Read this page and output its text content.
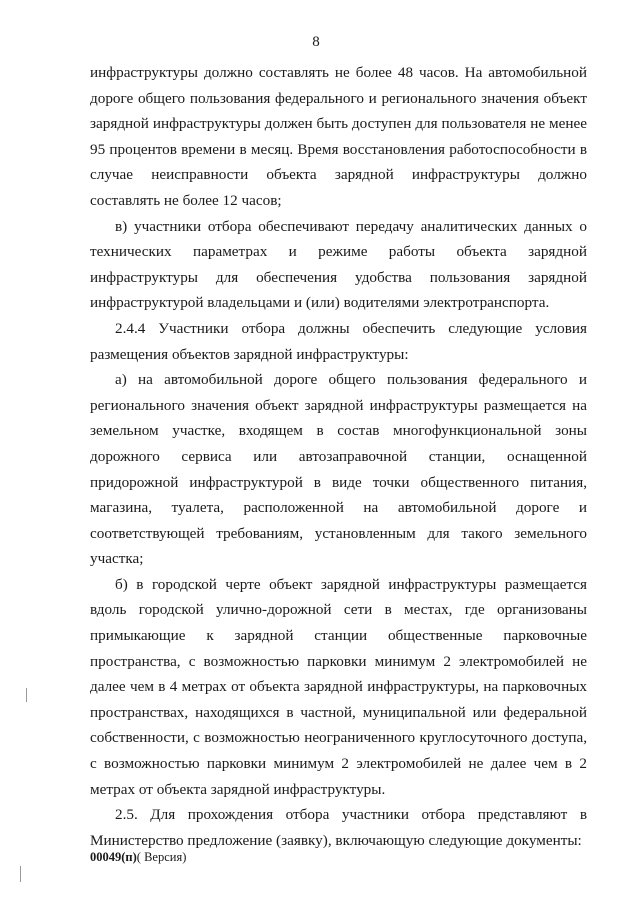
8

инфраструктуры должно составлять не более 48 часов. На автомобильной дороге общего пользования федерального и регионального значения объект зарядной инфраструктуры должен быть доступен для пользователя не менее 95 процентов времени в месяц. Время восстановления работоспособности в случае неисправности объекта зарядной инфраструктуры должно составлять не более 12 часов;

в) участники отбора обеспечивают передачу аналитических данных о технических параметрах и режиме работы объекта зарядной инфраструктуры для обеспечения удобства пользования зарядной инфраструктурой владельцами и (или) водителями электротранспорта.

2.4.4 Участники отбора должны обеспечить следующие условия размещения объектов зарядной инфраструктуры:

а) на автомобильной дороге общего пользования федерального и регионального значения объект зарядной инфраструктуры размещается на земельном участке, входящем в состав многофункциональной зоны дорожного сервиса или автозаправочной станции, оснащенной придорожной инфраструктурой в виде точки общественного питания, магазина, туалета, расположенной на автомобильной дороге и соответствующей требованиям, установленным для такого земельного участка;

б) в городской черте объект зарядной инфраструктуры размещается вдоль городской улично-дорожной сети в местах, где организованы примыкающие к зарядной станции общественные парковочные пространства, с возможностью парковки минимум 2 электромобилей не далее чем в 4 метрах от объекта зарядной инфраструктуры, на парковочных пространствах, находящихся в частной, муниципальной или федеральной собственности, с возможностью неограниченного круглосуточного доступа, с возможностью парковки минимум 2 электромобилей не далее чем в 2 метрах от объекта зарядной инфраструктуры.

2.5. Для прохождения отбора участники отбора представляют в Министерство предложение (заявку), включающую следующие документы:

00049(п)( Версия)
